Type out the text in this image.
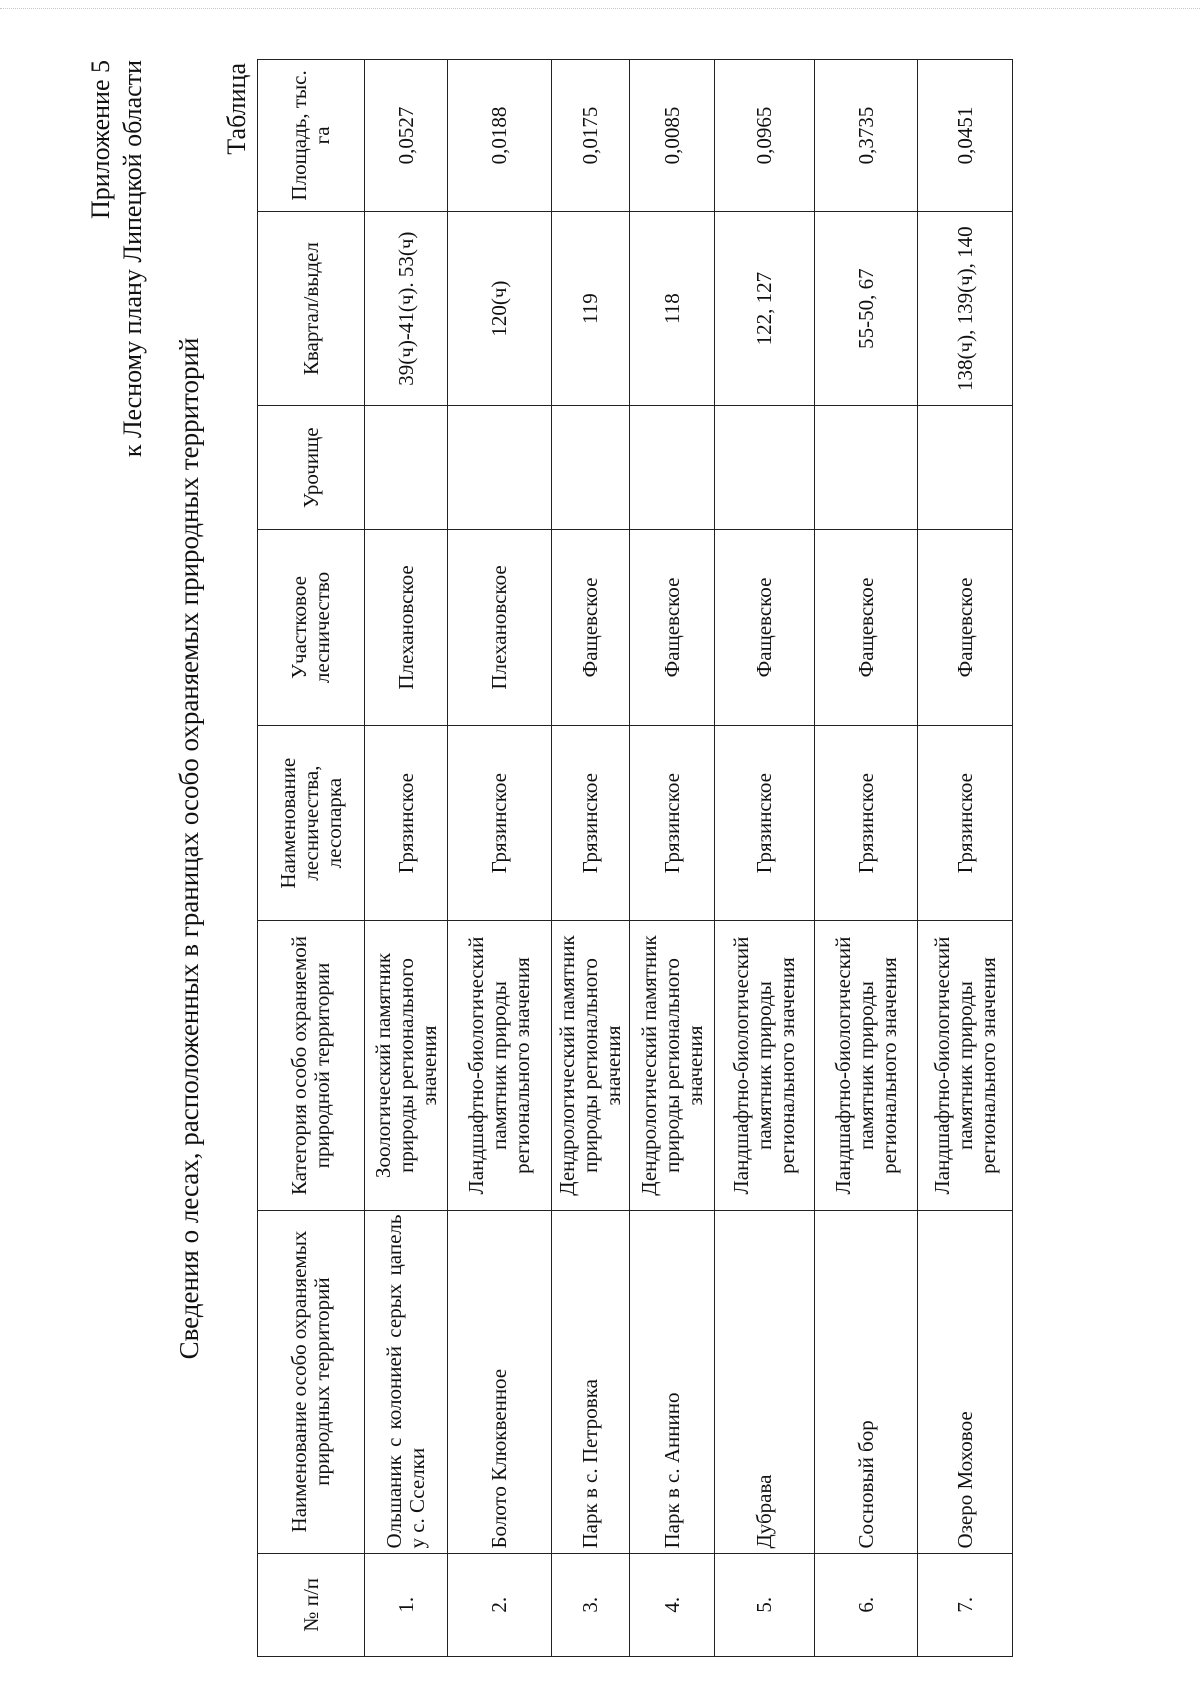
Приложение 5 к Лесному плану Липецкой области
Сведения о лесах, расположенных в границах особо охраняемых природных территорий
Таблица
№ п/п	Наименование особо охраняемых природных территорий	Категория особо охраняемой природной территории	Наименование лесничества, лесопарка	Участковое лесничество	Урочище	Квартал/выдел	Площадь, тыс. га
1.	Ольшаник с колонией серых цапель у с. Сселки	Зоологический памятник природы регионального значения	Грязинское	Плехановское		39(ч)-41(ч). 53(ч)	0,0527
2.	Болото Клюквенное	Ландшафтно-биологический памятник природы регионального значения	Грязинское	Плехановское		120(ч)	0,0188
3.	Парк в с. Петровка	Дендрологический памятник природы регионального значения	Грязинское	Фащевское		119	0,0175
4.	Парк в с. Аннино	Дендрологический памятник природы регионального значения	Грязинское	Фащевское		118	0,0085
5.	Дубрава	Ландшафтно-биологический памятник природы регионального значения	Грязинское	Фащевское		122, 127	0,0965
6.	Сосновый бор	Ландшафтно-биологический памятник природы регионального значения	Грязинское	Фащевское		55-50, 67	0,3735
7.	Озеро Моховое	Ландшафтно-биологический памятник природы регионального значения	Грязинское	Фащевское		138(ч), 139(ч), 140	0,0451
